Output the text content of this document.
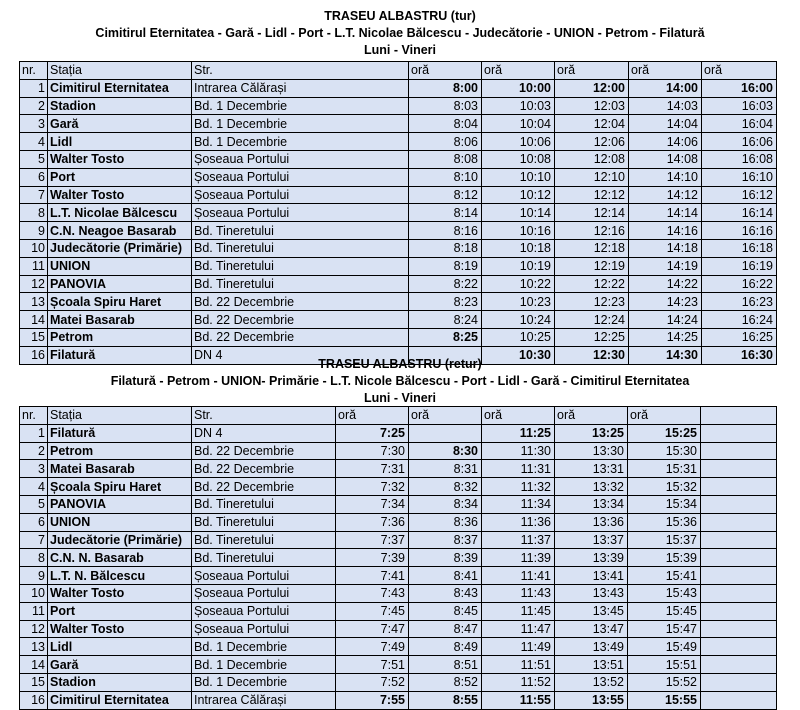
TRASEU ALBASTRU (tur)
Cimitirul Eternitatea - Gară - Lidl - Port - L.T. Nicolae Bălcescu - Judecătorie - UNION - Petrom - Filatură
Luni - Vineri
nr.	Stația	Str.	oră	oră	oră	oră	oră
1	Cimitirul Eternitatea	Intrarea Călărași	8:00	10:00	12:00	14:00	16:00
2	Stadion	Bd. 1 Decembrie	8:03	10:03	12:03	14:03	16:03
3	Gară	Bd. 1 Decembrie	8:04	10:04	12:04	14:04	16:04
4	Lidl	Bd. 1 Decembrie	8:06	10:06	12:06	14:06	16:06
5	Walter Tosto	Șoseaua Portului	8:08	10:08	12:08	14:08	16:08
6	Port	Șoseaua Portului	8:10	10:10	12:10	14:10	16:10
7	Walter Tosto	Șoseaua Portului	8:12	10:12	12:12	14:12	16:12
8	L.T. Nicolae Bălcescu	Șoseaua Portului	8:14	10:14	12:14	14:14	16:14
9	C.N. Neagoe Basarab	Bd. Tineretului	8:16	10:16	12:16	14:16	16:16
10	Judecătorie (Primărie)	Bd. Tineretului	8:18	10:18	12:18	14:18	16:18
11	UNION	Bd. Tineretului	8:19	10:19	12:19	14:19	16:19
12	PANOVIA	Bd. Tineretului	8:22	10:22	12:22	14:22	16:22
13	Școala Spiru Haret	Bd. 22 Decembrie	8:23	10:23	12:23	14:23	16:23
14	Matei Basarab	Bd. 22 Decembrie	8:24	10:24	12:24	14:24	16:24
15	Petrom	Bd. 22 Decembrie	8:25	10:25	12:25	14:25	16:25
16	Filatură	DN 4		10:30	12:30	14:30	16:30
TRASEU ALBASTRU (retur)
Filatură - Petrom - UNION- Primărie - L.T. Nicole Bălcescu - Port - Lidl - Gară - Cimitirul Eternitatea
Luni - Vineri
nr.	Stația	Str.	oră	oră	oră	oră	oră	
1	Filatură	DN 4	7:25		11:25	13:25	15:25	
2	Petrom	Bd. 22 Decembrie	7:30	8:30	11:30	13:30	15:30	
3	Matei Basarab	Bd. 22 Decembrie	7:31	8:31	11:31	13:31	15:31	
4	Școala Spiru Haret	Bd. 22 Decembrie	7:32	8:32	11:32	13:32	15:32	
5	PANOVIA	Bd. Tineretului	7:34	8:34	11:34	13:34	15:34	
6	UNION	Bd. Tineretului	7:36	8:36	11:36	13:36	15:36	
7	Judecătorie (Primărie)	Bd. Tineretului	7:37	8:37	11:37	13:37	15:37	
8	C.N. N. Basarab	Bd. Tineretului	7:39	8:39	11:39	13:39	15:39	
9	L.T. N. Bălcescu	Șoseaua Portului	7:41	8:41	11:41	13:41	15:41	
10	Walter Tosto	Șoseaua Portului	7:43	8:43	11:43	13:43	15:43	
11	Port	Șoseaua Portului	7:45	8:45	11:45	13:45	15:45	
12	Walter Tosto	Șoseaua Portului	7:47	8:47	11:47	13:47	15:47	
13	Lidl	Bd. 1 Decembrie	7:49	8:49	11:49	13:49	15:49	
14	Gară	Bd. 1 Decembrie	7:51	8:51	11:51	13:51	15:51	
15	Stadion	Bd. 1 Decembrie	7:52	8:52	11:52	13:52	15:52	
16	Cimitirul Eternitatea	Intrarea Călărași	7:55	8:55	11:55	13:55	15:55	
